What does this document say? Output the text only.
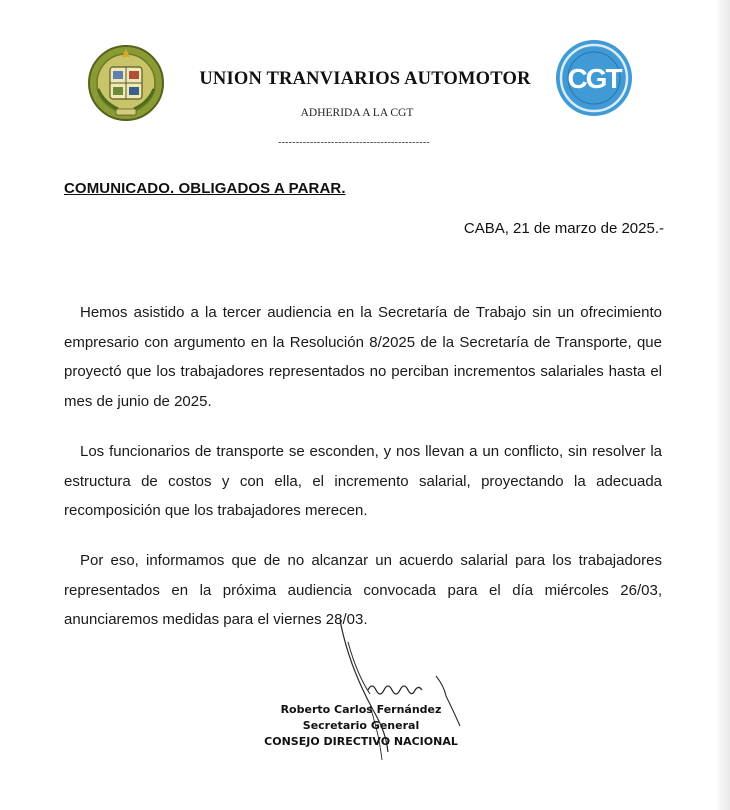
CGT
UNION TRANVIARIOS AUTOMOTOR
ADHERIDA A LA CGT
-------------------------------------------
COMUNICADO. OBLIGADOS A PARAR.
CABA, 21 de marzo de 2025.-
Hemos asistido a la tercer audiencia en la Secretaría de Trabajo sin un ofrecimiento empresario con argumento en la Resolución 8/2025 de la Secretaría de Transporte, que proyectó que los trabajadores representados no perciban incrementos salariales hasta el mes de junio de 2025.
Los funcionarios de transporte se esconden, y nos llevan a un conflicto, sin resolver la estructura de costos y con ella, el incremento salarial, proyectando la adecuada recomposición que los trabajadores merecen.
Por eso, informamos que de no alcanzar un acuerdo salarial para los trabajadores representados en la próxima audiencia convocada para el día miércoles 26/03, anunciaremos medidas para el viernes 28/03.
Roberto Carlos Fernández
Secretario General
CONSEJO DIRECTIVO NACIONAL
